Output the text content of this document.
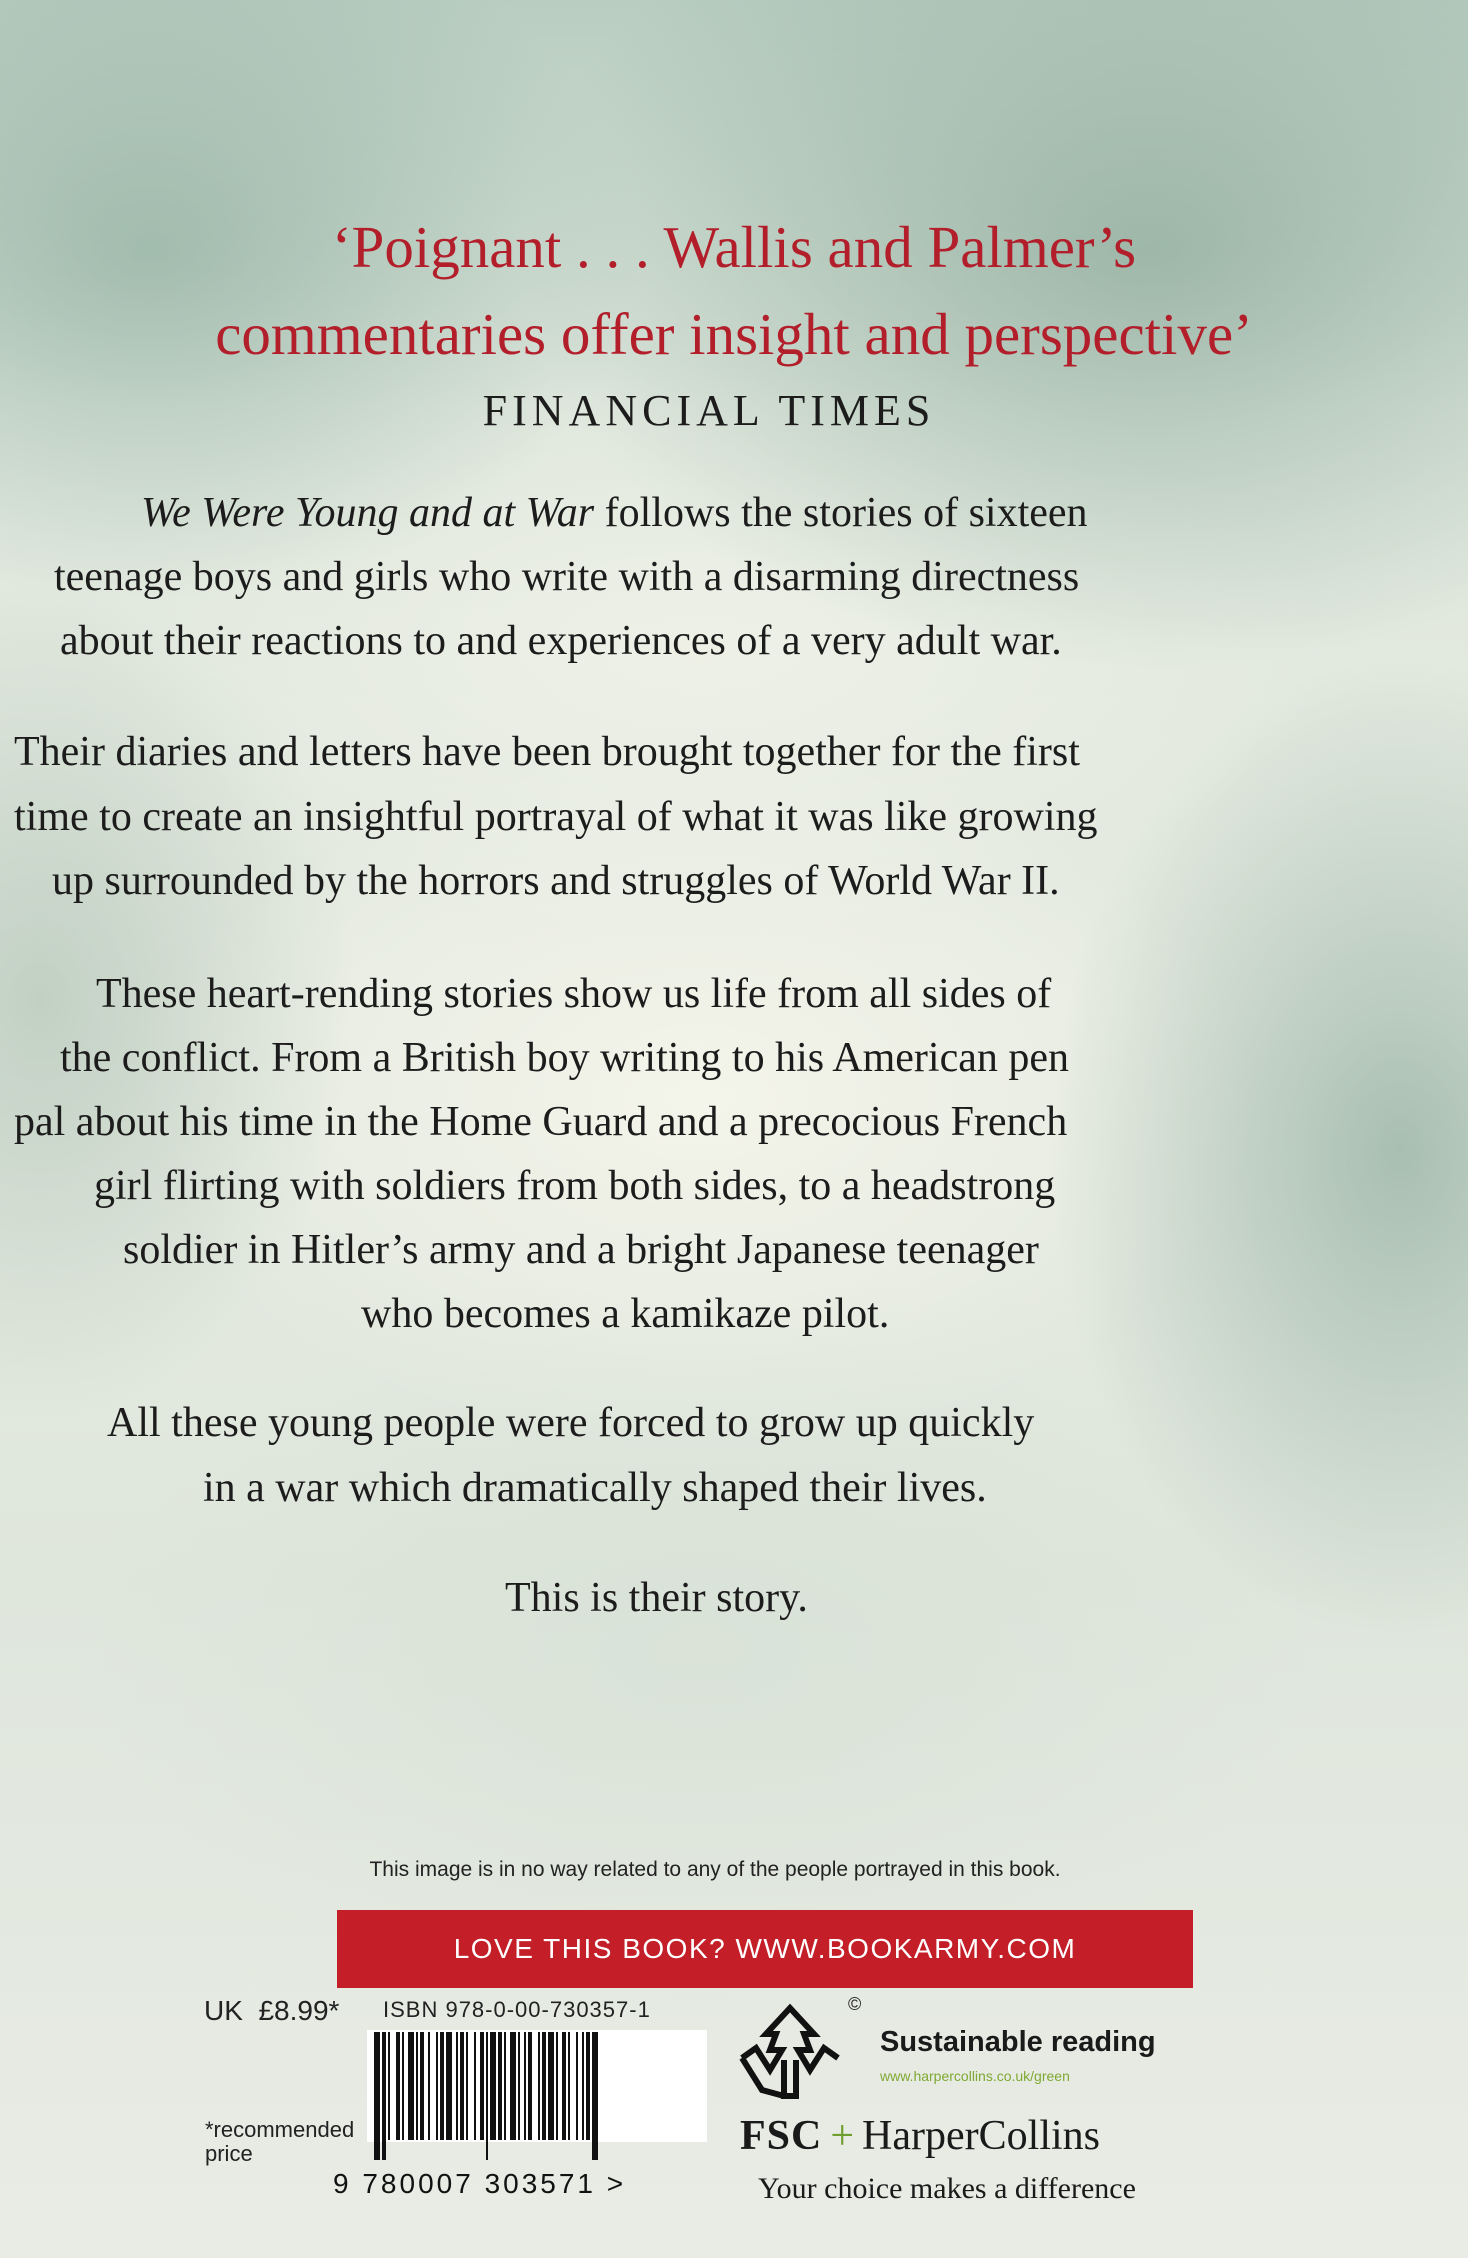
‘Poignant . . . Wallis and Palmer’s
commentaries offer insight and perspective’
FINANCIAL TIMES
We Were Young and at War follows the stories of sixteen
teenage boys and girls who write with a disarming directness
about their reactions to and experiences of a very adult war.
Their diaries and letters have been brought together for the first
time to create an insightful portrayal of what it was like growing
up surrounded by the horrors and struggles of World War II.
These heart-rending stories show us life from all sides of
the conflict. From a British boy writing to his American pen
pal about his time in the Home Guard and a precocious French
girl flirting with soldiers from both sides, to a headstrong
soldier in Hitler’s army and a bright Japanese teenager
who becomes a kamikaze pilot.
All these young people were forced to grow up quickly
in a war which dramatically shaped their lives.
This is their story.
This image is in no way related to any of the people portrayed in this book.
LOVE THIS BOOK? WWW.BOOKARMY.COM
UK  £8.99*
*recommended
price
ISBN 978-0-00-730357-1
9 780007 303571 >
©
Sustainable reading
www.harpercollins.co.uk/green
FSC + HarperCollins
Your choice makes a difference
